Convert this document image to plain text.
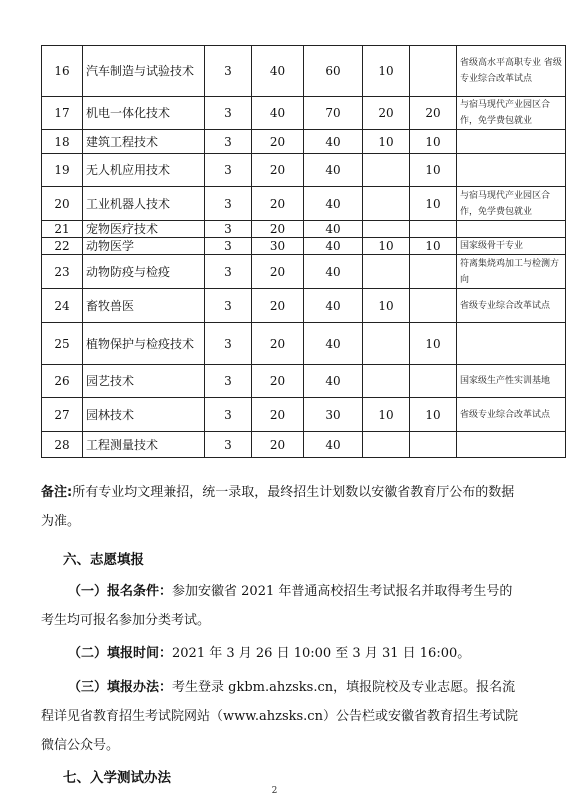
16	汽车制造与试验技术	3	40	60	10		省级高水平高职专业 省级专业综合改革试点
17	机电一体化技术	3	40	70	20	20	与宿马现代产业园区合作，免学费包就业
18	建筑工程技术	3	20	40	10	10	
19	无人机应用技术	3	20	40		10	
20	工业机器人技术	3	20	40		10	与宿马现代产业园区合作，免学费包就业
21	宠物医疗技术	3	20	40			
22	动物医学	3	30	40	10	10	国家级骨干专业
23	动物防疫与检疫	3	20	40			符离集烧鸡加工与检测方向
24	畜牧兽医	3	20	40	10		省级专业综合改革试点
25	植物保护与检疫技术	3	20	40		10	
26	园艺技术	3	20	40			国家级生产性实训基地
27	园林技术	3	20	30	10	10	省级专业综合改革试点
28	工程测量技术	3	20	40			
备注:所有专业均文理兼招，统一录取，最终招生计划数以安徽省教育厅公布的数据为准。
六、志愿填报
（一）报名条件：参加安徽省 2021 年普通高校招生考试报名并取得考生号的考生均可报名参加分类考试。
（二）填报时间：2021 年 3 月 26 日 10:00 至 3 月 31 日 16:00。
（三）填报办法：考生登录 gkbm.ahzsks.cn，填报院校及专业志愿。报名流程详见省教育招生考试院网站（www.ahzsks.cn）公告栏或安徽省教育招生考试院微信公众号。
七、入学测试办法
2
